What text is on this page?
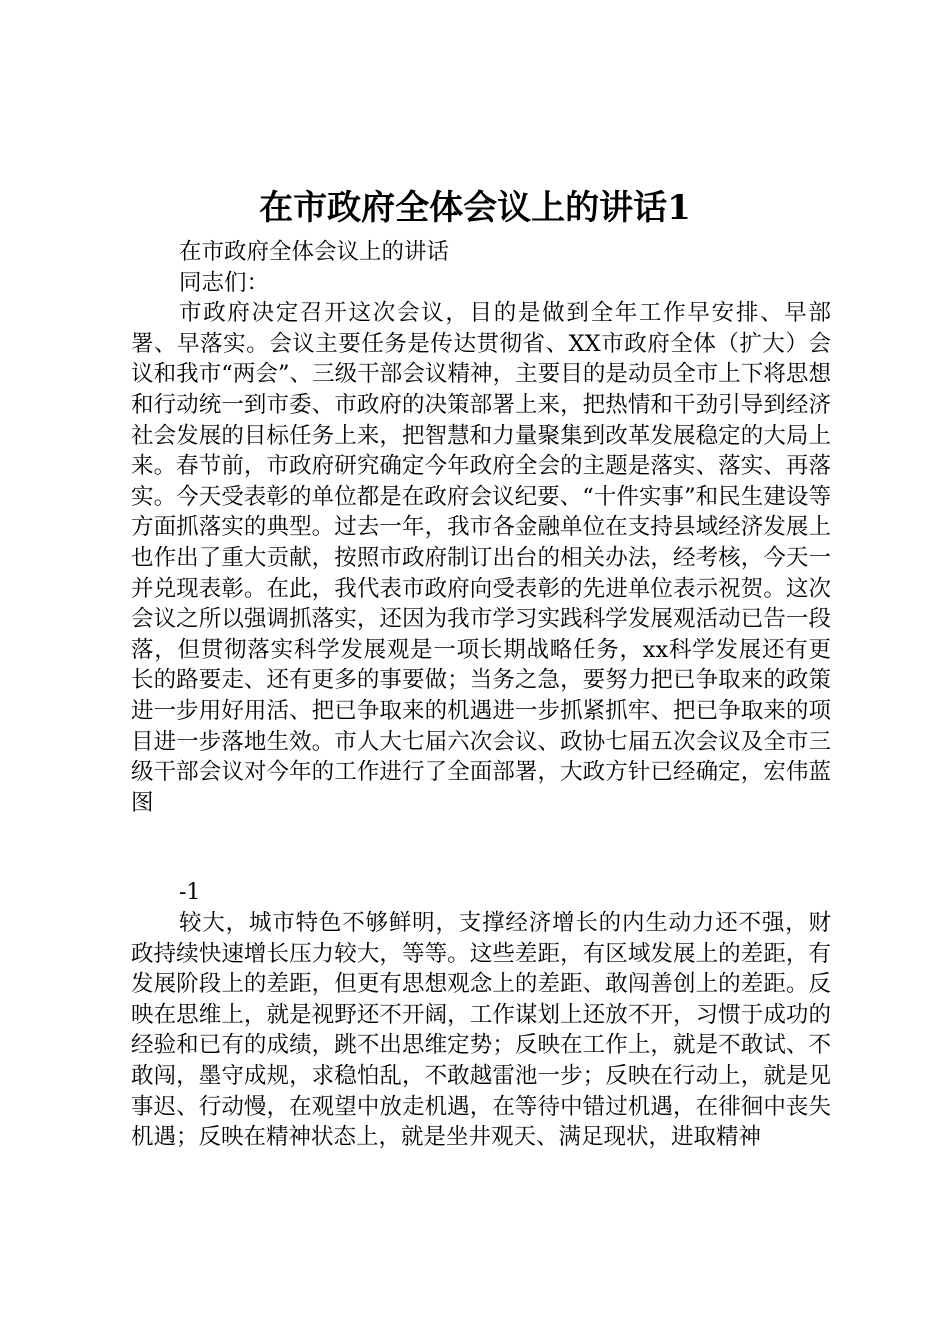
在市政府全体会议上的讲话1
在市政府全体会议上的讲话
同志们：

市政府决定召开这次会议，目的是做到全年工作早安排、早部署、早落实。会议主要任务是传达贯彻省、XX市政府全体（扩大）会议和我市“两会”、三级干部会议精神，主要目的是动员全市上下将思想和行动统一到市委、市政府的决策部署上来，把热情和干劲引导到经济社会发展的目标任务上来，把智慧和力量聚集到改革发展稳定的大局上来。春节前，市政府研究确定今年政府全会的主题是落实、落实、再落实。今天受表彰的单位都是在政府会议纪要、“十件实事”和民生建设等方面抓落实的典型。过去一年，我市各金融单位在支持县域经济发展上也作出了重大贡献，按照市政府制订出台的相关办法，经考核，今天一并兑现表彰。在此，我代表市政府向受表彰的先进单位表示祝贺。这次会议之所以强调抓落实，还因为我市学习实践科学发展观活动已告一段落，但贯彻落实科学发展观是一项长期战略任务，xx科学发展还有更长的路要走、还有更多的事要做；当务之急，要努力把已争取来的政策进一步用好用活、把已争取来的机遇进一步抓紧抓牢、把已争取来的项目进一步落地生效。市人大七届六次会议、政协七届五次会议及全市三级干部会议对今年的工作进行了全面部署，大政方针已经确定，宏伟蓝图

-1

较大，城市特色不够鲜明，支撑经济增长的内生动力还不强，财政持续快速增长压力较大，等等。这些差距，有区域发展上的差距，有发展阶段上的差距，但更有思想观念上的差距、敢闯善创上的差距。反映在思维上，就是视野还不开阔，工作谋划上还放不开，习惯于成功的经验和已有的成绩，跳不出思维定势；反映在工作上，就是不敢试、不敢闯，墨守成规，求稳怕乱，不敢越雷池一步；反映在行动上，就是见事迟、行动慢，在观望中放走机遇，在等待中错过机遇，在徘徊中丧失机遇；反映在精神状态上，就是坐井观天、满足现状，进取精神
